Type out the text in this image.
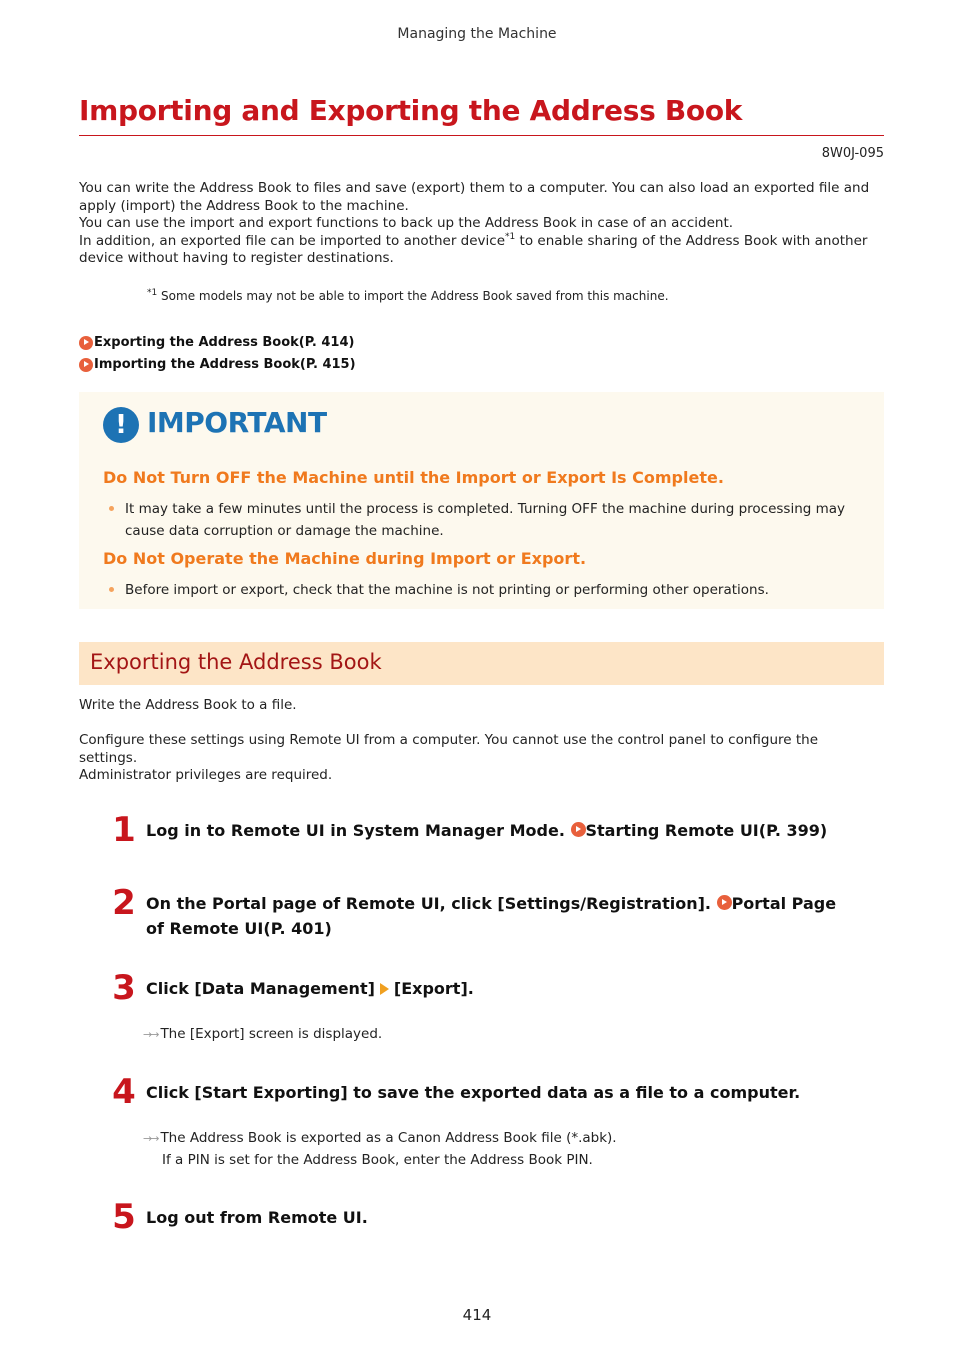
Managing the Machine
Importing and Exporting the Address Book
8W0J-095

You can write the Address Book to files and save (export) them to a computer. You can also load an exported file and apply (import) the Address Book to the machine.

You can use the import and export functions to back up the Address Book in case of an accident.

In addition, an exported file can be imported to another device$^{*1}$ to enable sharing of the Address Book with another device without having to register destinations.

$^{*1}$ Some models may not be able to import the Address Book saved from this machine.
Exporting the Address Book(P. 414)
Importing the Address Book(P. 415)
! IMPORTANT
Do Not Turn OFF the Machine until the Import or Export Is Complete.
It may take a few minutes until the process is completed. Turning OFF the machine during processing may cause data corruption or damage the machine.
Do Not Operate the Machine during Import or Export.
Before import or export, check that the machine is not printing or performing other operations.
Exporting the Address Book
Write the Address Book to a file.

Configure these settings using Remote UI from a computer. You cannot use the control panel to configure the settings.

Administrator privileges are required.

1 Log in to Remote UI in System Manager Mode. Starting Remote UI(P. 399)
2 On the Portal page of Remote UI, click [Settings/Registration]. Portal Page of Remote UI(P. 401)
3 Click [Data Management] [Export].
→→ The [Export] screen is displayed.
4 Click [Start Exporting] to save the exported data as a file to a computer.
→→ The Address Book is exported as a Canon Address Book file (*.abk).
If a PIN is set for the Address Book, enter the Address Book PIN.
5 Log out from Remote UI.
414
